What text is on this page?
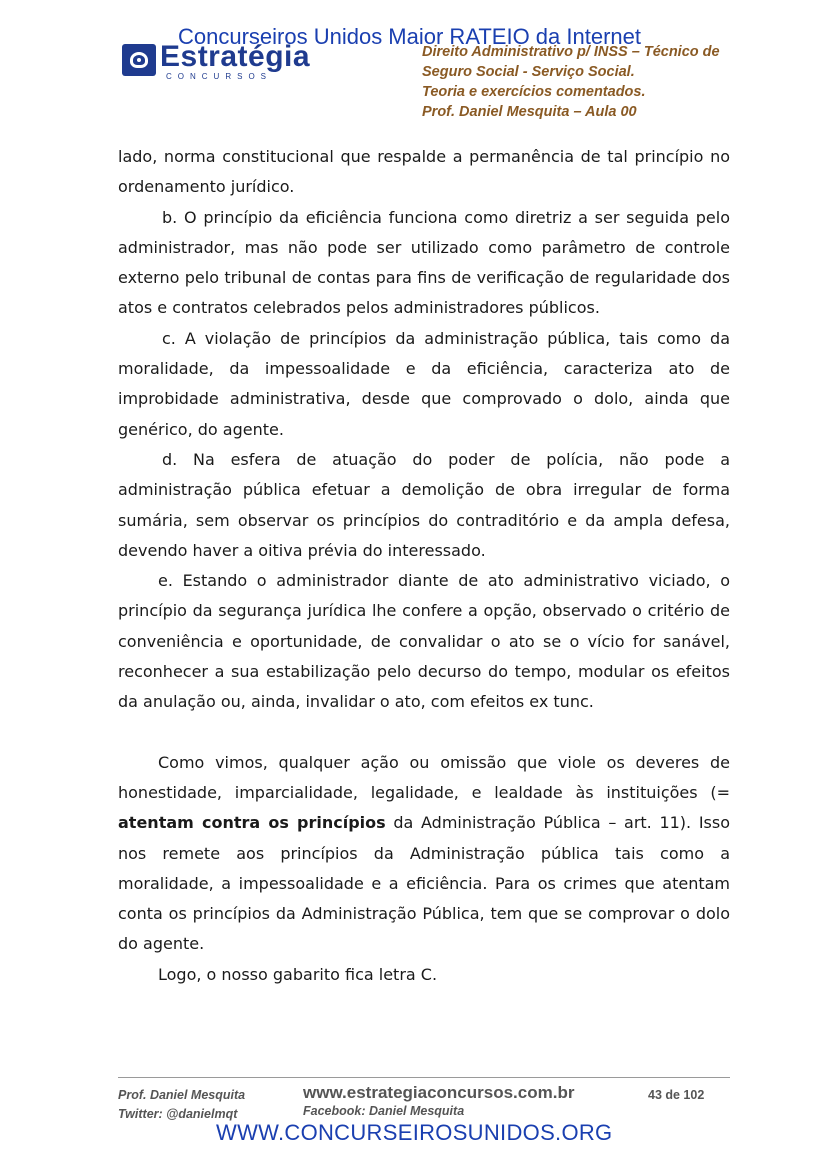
Concurseiros Unidos Maior RATEIO da Internet
Estratégia
CONCURSOS
Direito Administrativo p/ INSS – Técnico de
Seguro Social - Serviço Social.
Teoria e exercícios comentados.
Prof. Daniel Mesquita – Aula 00

lado, norma constitucional que respalde a permanência de tal princípio no ordenamento jurídico.

b. O princípio da eficiência funciona como diretriz a ser seguida pelo administrador, mas não pode ser utilizado como parâmetro de controle externo pelo tribunal de contas para fins de verificação de regularidade dos atos e contratos celebrados pelos administradores públicos.

c. A violação de princípios da administração pública, tais como da moralidade, da impessoalidade e da eficiência, caracteriza ato de improbidade administrativa, desde que comprovado o dolo, ainda que genérico, do agente.

d. Na esfera de atuação do poder de polícia, não pode a administração pública efetuar a demolição de obra irregular de forma sumária, sem observar os princípios do contraditório e da ampla defesa, devendo haver a oitiva prévia do interessado.

e. Estando o administrador diante de ato administrativo viciado, o princípio da segurança jurídica lhe confere a opção, observado o critério de conveniência e oportunidade, de convalidar o ato se o vício for sanável, reconhecer a sua estabilização pelo decurso do tempo, modular os efeitos da anulação ou, ainda, invalidar o ato, com efeitos ex tunc.

Como vimos, qualquer ação ou omissão que viole os deveres de honestidade, imparcialidade, legalidade, e lealdade às instituições (= atentam contra os princípios da Administração Pública – art. 11). Isso nos remete aos princípios da Administração pública tais como a moralidade, a impessoalidade e a eficiência. Para os crimes que atentam conta os princípios da Administração Pública, tem que se comprovar o dolo do agente.

Logo, o nosso gabarito fica letra C.

Prof. Daniel Mesquita
Twitter: @danielmqt
www.estrategiaconcursos.com.br
Facebook: Daniel Mesquita
43 de 102
WWW.CONCURSEIROSUNIDOS.ORG
